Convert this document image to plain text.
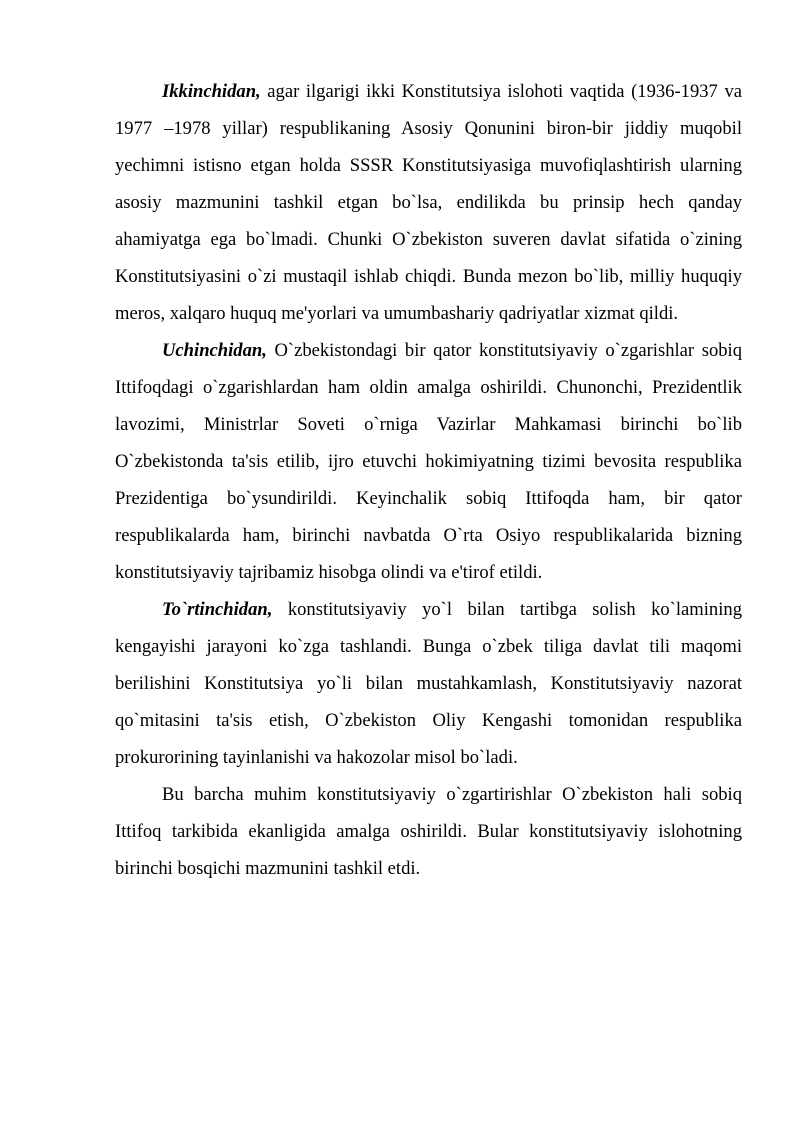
Ikkinchidan, agar ilgarigi ikki Konstitutsiya islohoti vaqtida (1936-1937 va 1977 –1978 yillar) respublikaning Asosiy Qonunini biron-bir jiddiy muqobil yechimni istisno etgan holda SSSR Konstitutsiyasiga muvofiqlashtirish ularning asosiy mazmunini tashkil etgan bo`lsa, endilikda bu prinsip hech qanday ahamiyatga ega bo`lmadi. Chunki O`zbekiston suveren davlat sifatida o`zining Konstitutsiyasini o`zi mustaqil ishlab chiqdi. Bunda mezon bo`lib, milliy huquqiy meros, xalqaro huquq me'yorlari va umumbashariy qadriyatlar xizmat qildi.

Uchinchidan, O`zbekistondagi bir qator konstitutsiyaviy o`zgarishlar sobiq Ittifoqdagi o`zgarishlardan ham oldin amalga oshirildi. Chunonchi, Prezidentlik lavozimi, Ministrlar Soveti o`rniga Vazirlar Mahkamasi birinchi bo`lib O`zbekistonda ta'sis etilib, ijro etuvchi hokimiyatning tizimi bevosita respublika Prezidentiga bo`ysundirildi. Keyinchalik sobiq Ittifoqda ham, bir qator respublikalarda ham, birinchi navbatda O`rta Osiyo respublikalarida bizning konstitutsiyaviy tajribamiz hisobga olindi va e'tirof etildi.

To`rtinchidan, konstitutsiyaviy yo`l bilan tartibga solish ko`lamining kengayishi jarayoni ko`zga tashlandi. Bunga o`zbek tiliga davlat tili maqomi berilishini Konstitutsiya yo`li bilan mustahkamlash, Konstitutsiyaviy nazorat qo`mitasini ta'sis etish, O`zbekiston Oliy Kengashi tomonidan respublika prokurorining tayinlanishi va hakozolar misol bo`ladi.

Bu barcha muhim konstitutsiyaviy o`zgartirishlar O`zbekiston hali sobiq Ittifoq tarkibida ekanligida amalga oshirildi. Bular konstitutsiyaviy islohotning birinchi bosqichi mazmunini tashkil etdi.
